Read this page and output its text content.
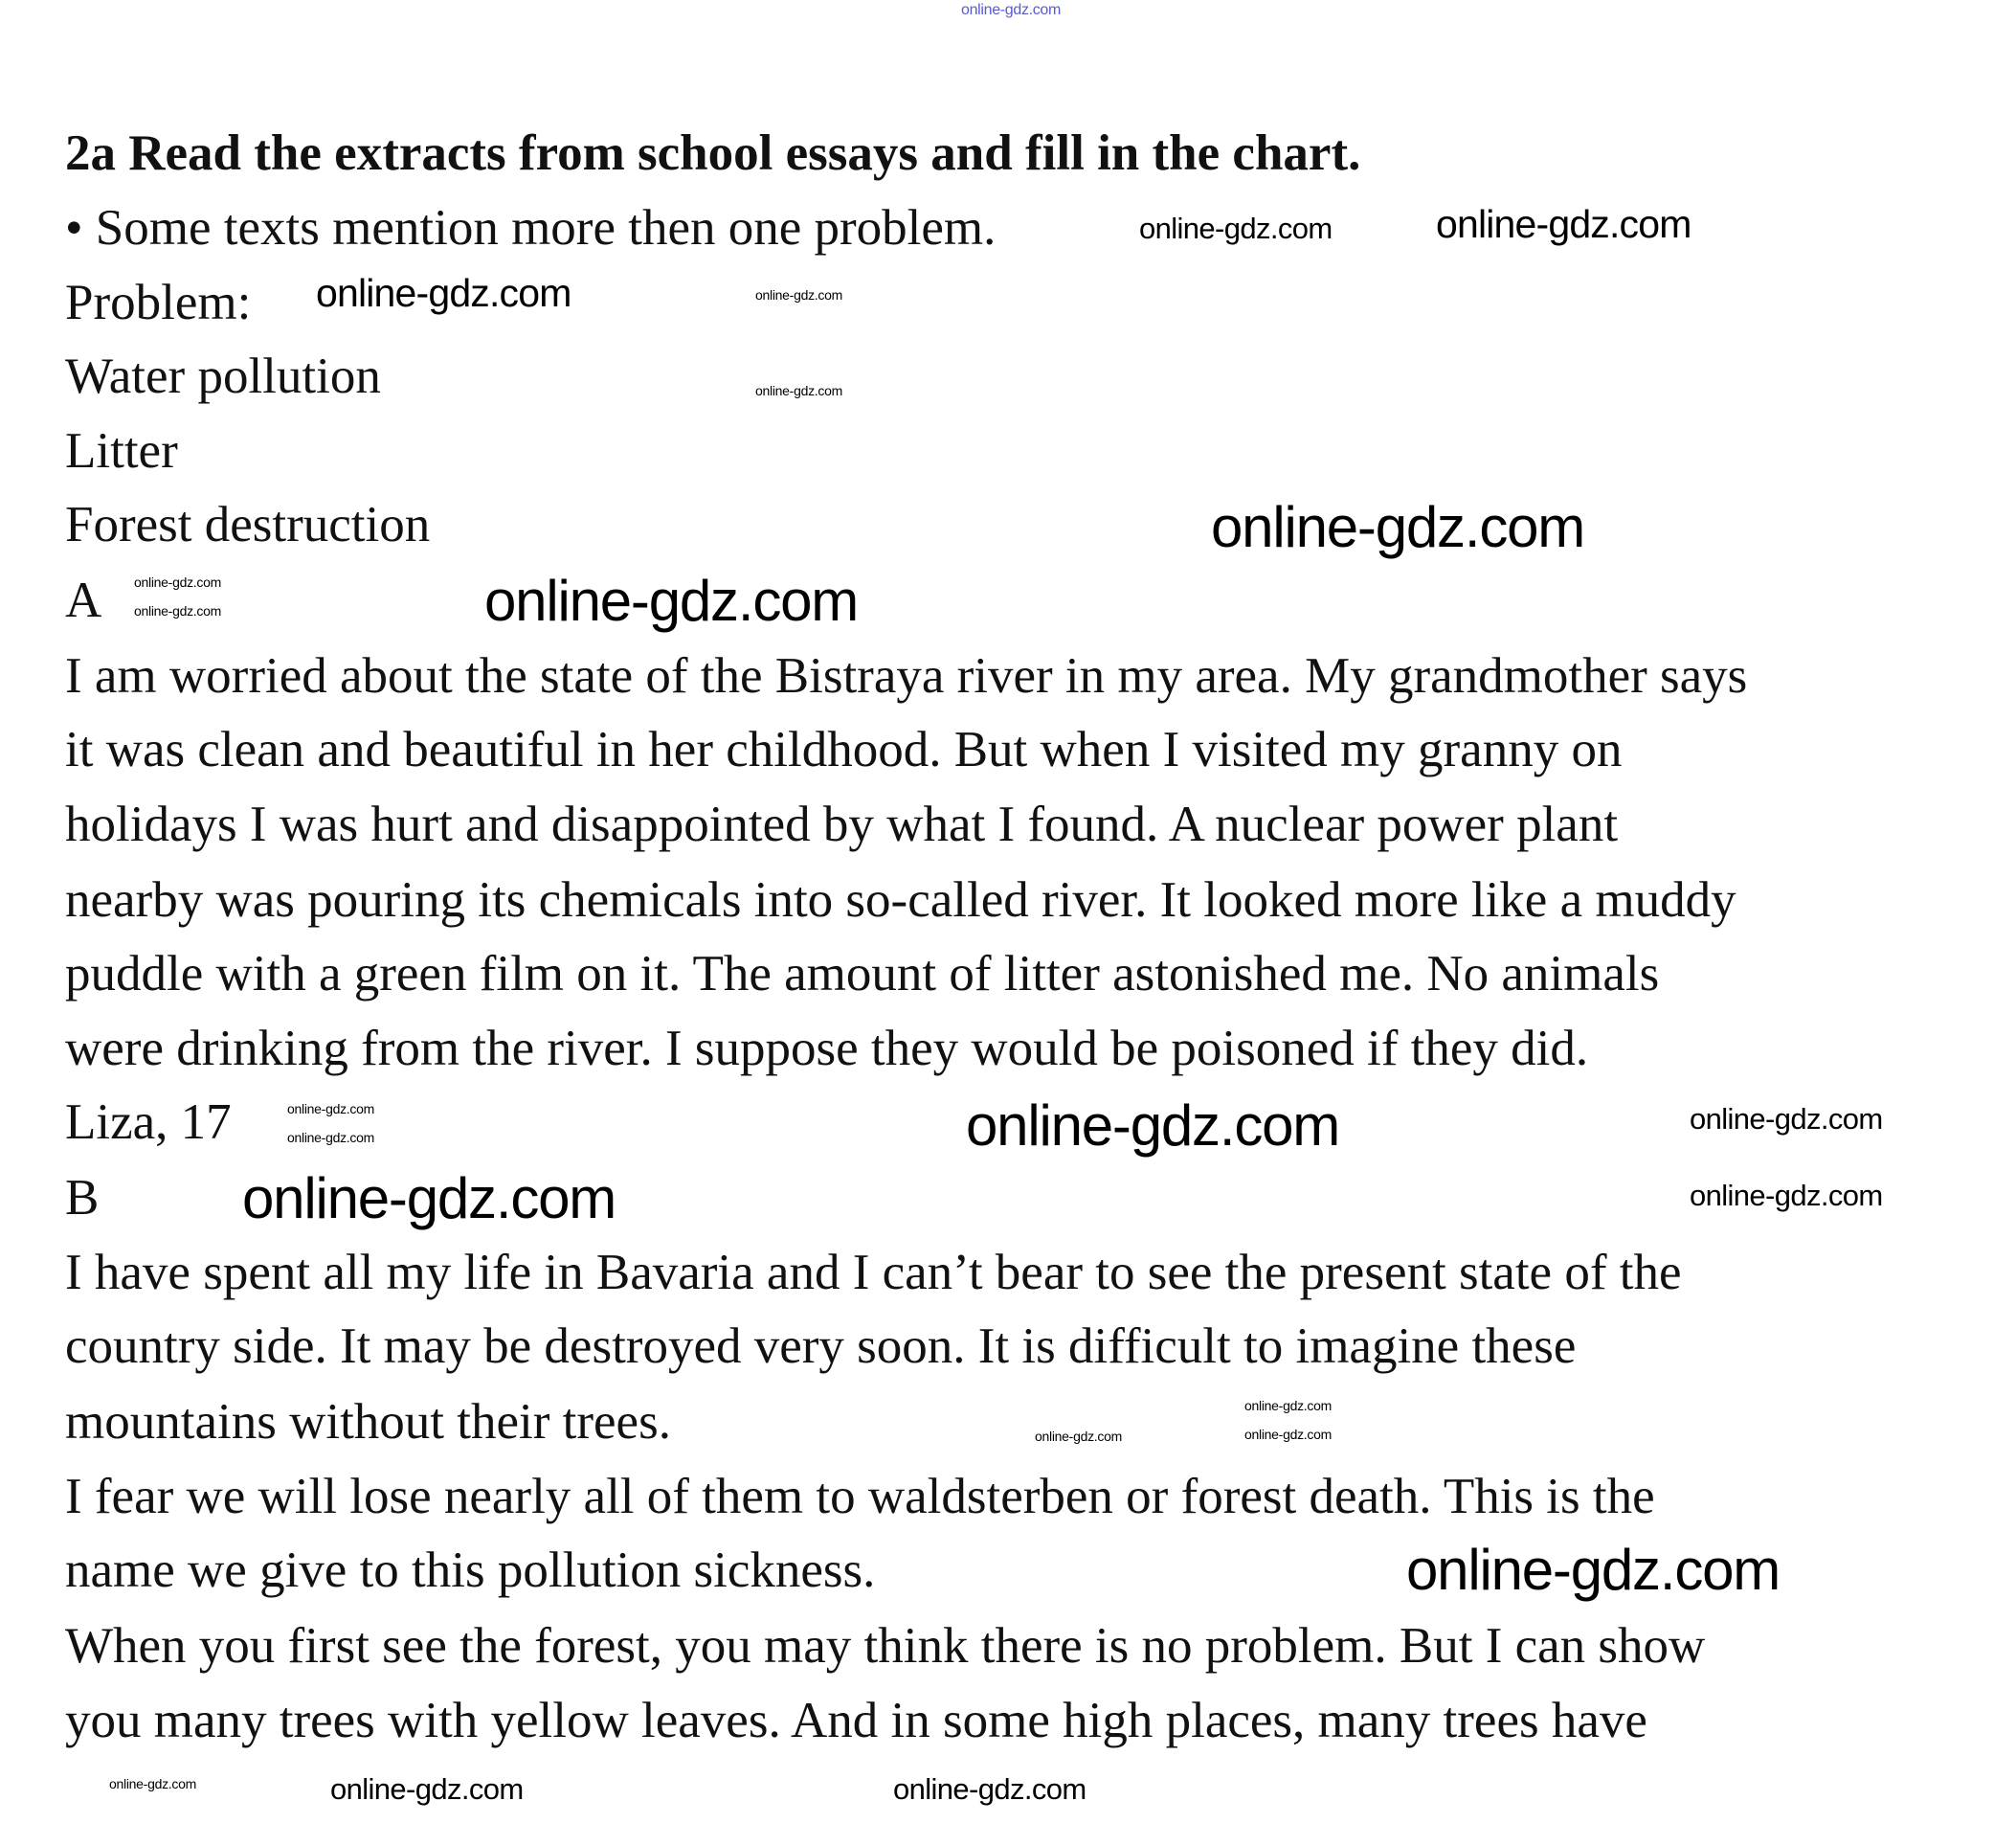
2a Read the extracts from school essays and fill in the chart.
• Some texts mention more then one problem.
Problem:
Water pollution
Litter
Forest destruction
A
I am worried about the state of the Bistraya river in my area. My grandmother says
it was clean and beautiful in her childhood. But when I visited my granny on
holidays I was hurt and disappointed by what I found. A nuclear power plant
nearby was pouring its chemicals into so-called river. It looked more like a muddy
puddle with a green film on it. The amount of litter astonished me. No animals
were drinking from the river. I suppose they would be poisoned if they did.
Liza, 17
B
I have spent all my life in Bavaria and I can’t bear to see the present state of the
country side. It may be destroyed very soon. It is difficult to imagine these
mountains without their trees.
I fear we will lose nearly all of them to waldsterben or forest death. This is the
name we give to this pollution sickness.
When you first see the forest, you may think there is no problem. But I can show
you many trees with yellow leaves. And in some high places, many trees have
online-gdz.com
online-gdz.com	online-gdz.com
online-gdz.com
online-gdz.com
online-gdz.com
online-gdz.com	online-gdz.com
online-gdz.com
online-gdz.com
online-gdz.com
online-gdz.com
online-gdz.com
online-gdz.com
online-gdz.com
online-gdz.com
online-gdz.com
online-gdz.com
online-gdz.com
online-gdz.com
online-gdz.com
online-gdz.com
online-gdz.com
